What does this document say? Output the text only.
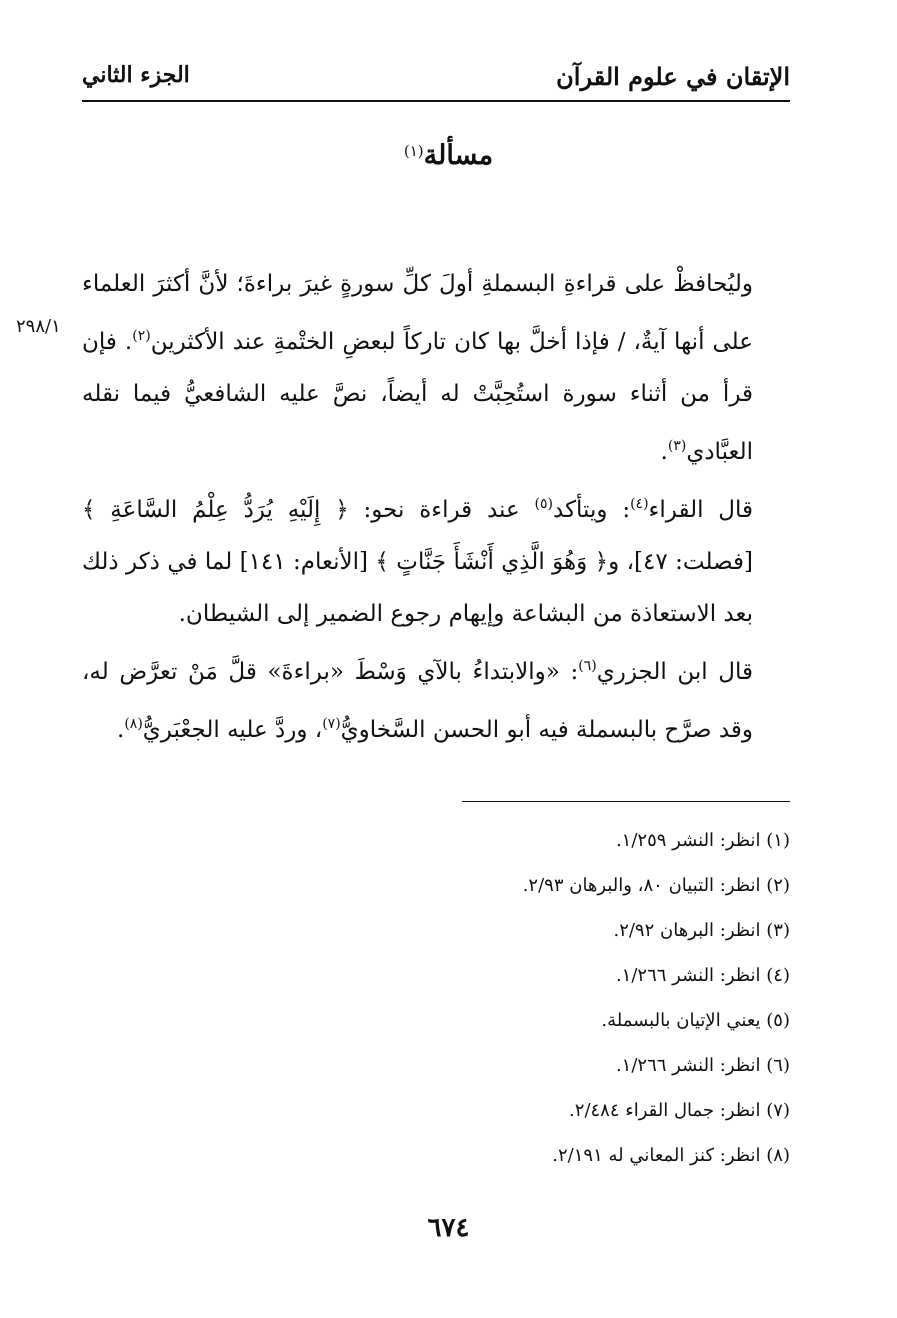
الإتقان في علوم القرآن
الجزء الثاني
مسألة$^{(١)}$
٢٩٨/١

وليُحافظْ على قراءةِ البسملةِ أولَ كلِّ سورةٍ غيرَ براءةَ؛ لأنَّ أكثرَ العلماء على أنها آيةٌ، / فإذا أخلَّ بها كان تاركاً لبعضِ الختْمةِ عند الأكثرين$^{(٢)}$. فإن قرأ من أثناء سورة استُحِبَّتْ له أيضاً، نصَّ عليه الشافعيُّ فيما نقله العبَّادي$^{(٣)}$.

قال القراء$^{(٤)}$: ويتأكد$^{(٥)}$ عند قراءة نحو: ﴿ إِلَيْهِ يُرَدُّ عِلْمُ السَّاعَةِ ﴾ [فصلت: ٤٧]، و﴿ وَهُوَ الَّذِي أَنْشَأَ جَنَّاتٍ ﴾ [الأنعام: ١٤١] لما في ذكر ذلك بعد الاستعاذة من البشاعة وإيهام رجوع الضمير إلى الشيطان.

قال ابن الجزري$^{(٦)}$: «والابتداءُ بالآي وَسْطَ «براءةَ» قلَّ مَنْ تعرَّض له، وقد صرَّح بالبسملة فيه أبو الحسن السَّخاويُّ$^{(٧)}$، وردَّ عليه الجعْبَريُّ$^{(٨)}$.

(١) انظر: النشر ١/٢٥٩.
(٢) انظر: التبيان ٨٠، والبرهان ٢/٩٣.
(٣) انظر: البرهان ٢/٩٢.
(٤) انظر: النشر ١/٢٦٦.
(٥) يعني الإتيان بالبسملة.
(٦) انظر: النشر ١/٢٦٦.
(٧) انظر: جمال القراء ٢/٤٨٤.
(٨) انظر: كنز المعاني له ٢/١٩١.
٦٧٤
